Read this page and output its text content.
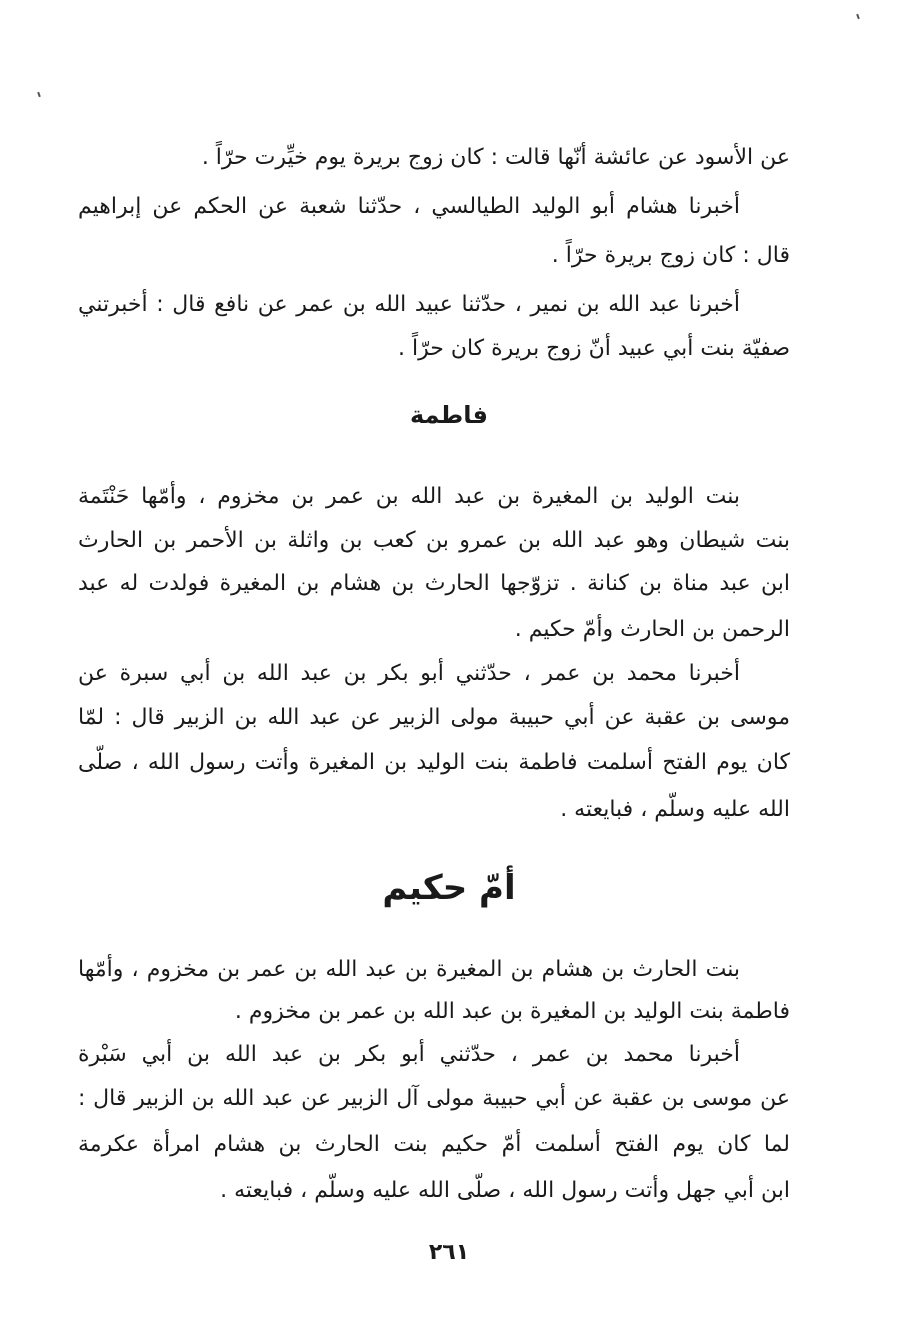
عن الأسود عن عائشة أنّها قالت : كان زوج بريرة يوم خيِّرت حرّاً .
أخبرنا هشام أبو الوليد الطيالسي ، حدّثنا شعبة عن الحكم عن إبراهيم
قال : كان زوج بريرة حرّاً .
أخبرنا عبد الله بن نمير ، حدّثنا عبيد الله بن عمر عن نافع قال : أخبرتني
صفيّة بنت أبي عبيد أنّ زوج بريرة كان حرّاً .
فاطمة
بنت الوليد بن المغيرة بن عبد الله بن عمر بن مخزوم ، وأمّها حَنْتَمة
بنت شيطان وهو عبد الله بن عمرو بن كعب بن واثلة بن الأحمر بن الحارث
ابن عبد مناة بن كنانة . تزوّجها الحارث بن هشام بن المغيرة فولدت له عبد
الرحمن بن الحارث وأمّ حكيم .
أخبرنا محمد بن عمر ، حدّثني أبو بكر بن عبد الله بن أبي سبرة عن
موسى بن عقبة عن أبي حبيبة مولى الزبير عن عبد الله بن الزبير قال : لمّا
كان يوم الفتح أسلمت فاطمة بنت الوليد بن المغيرة وأتت رسول الله ، صلّى
الله عليه وسلّم ، فبايعته .
أمّ حكيم
بنت الحارث بن هشام بن المغيرة بن عبد الله بن عمر بن مخزوم ، وأمّها
فاطمة بنت الوليد بن المغيرة بن عبد الله بن عمر بن مخزوم .
أخبرنا محمد بن عمر ، حدّثني أبو بكر بن عبد الله بن أبي سَبْرة
عن موسى بن عقبة عن أبي حبيبة مولى آل الزبير عن عبد الله بن الزبير قال :
لما كان يوم الفتح أسلمت أمّ حكيم بنت الحارث بن هشام امرأة عكرمة
ابن أبي جهل وأتت رسول الله ، صلّى الله عليه وسلّم ، فبايعته .
٢٦١
